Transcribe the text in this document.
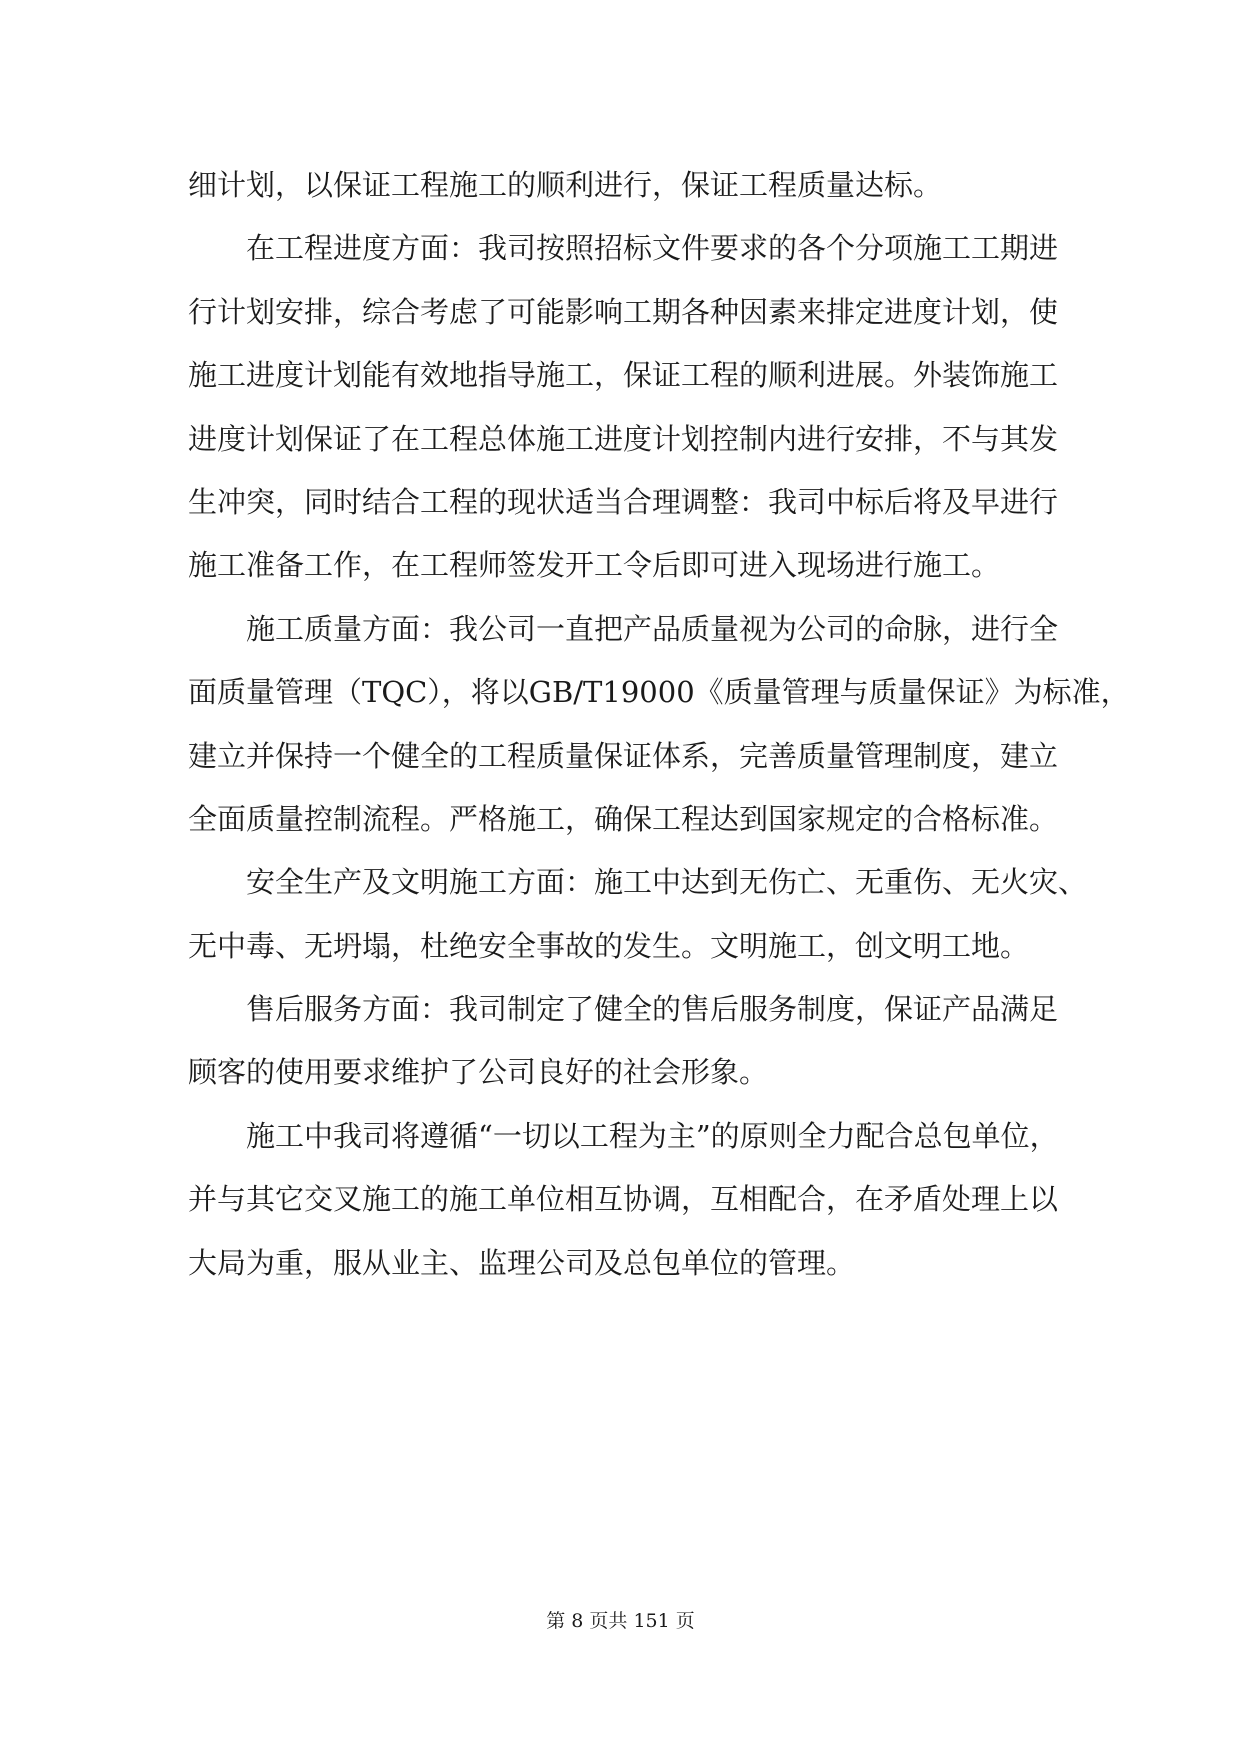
细计划，以保证工程施工的顺利进行，保证工程质量达标。
在工程进度方面：我司按照招标文件要求的各个分项施工工期进
行计划安排，综合考虑了可能影响工期各种因素来排定进度计划，使
施工进度计划能有效地指导施工，保证工程的顺利进展。外装饰施工
进度计划保证了在工程总体施工进度计划控制内进行安排，不与其发
生冲突，同时结合工程的现状适当合理调整：我司中标后将及早进行
施工准备工作，在工程师签发开工令后即可进入现场进行施工。
施工质量方面：我公司一直把产品质量视为公司的命脉，进行全
面质量管理（TQC），将以GB/T19000《质量管理与质量保证》为标准，
建立并保持一个健全的工程质量保证体系，完善质量管理制度，建立
全面质量控制流程。严格施工，确保工程达到国家规定的合格标准。
安全生产及文明施工方面：施工中达到无伤亡、无重伤、无火灾、
无中毒、无坍塌，杜绝安全事故的发生。文明施工，创文明工地。
售后服务方面：我司制定了健全的售后服务制度，保证产品满足
顾客的使用要求维护了公司良好的社会形象。
施工中我司将遵循“一切以工程为主”的原则全力配合总包单位，
并与其它交叉施工的施工单位相互协调，互相配合，在矛盾处理上以
大局为重，服从业主、监理公司及总包单位的管理。
第 8 页共 151 页
